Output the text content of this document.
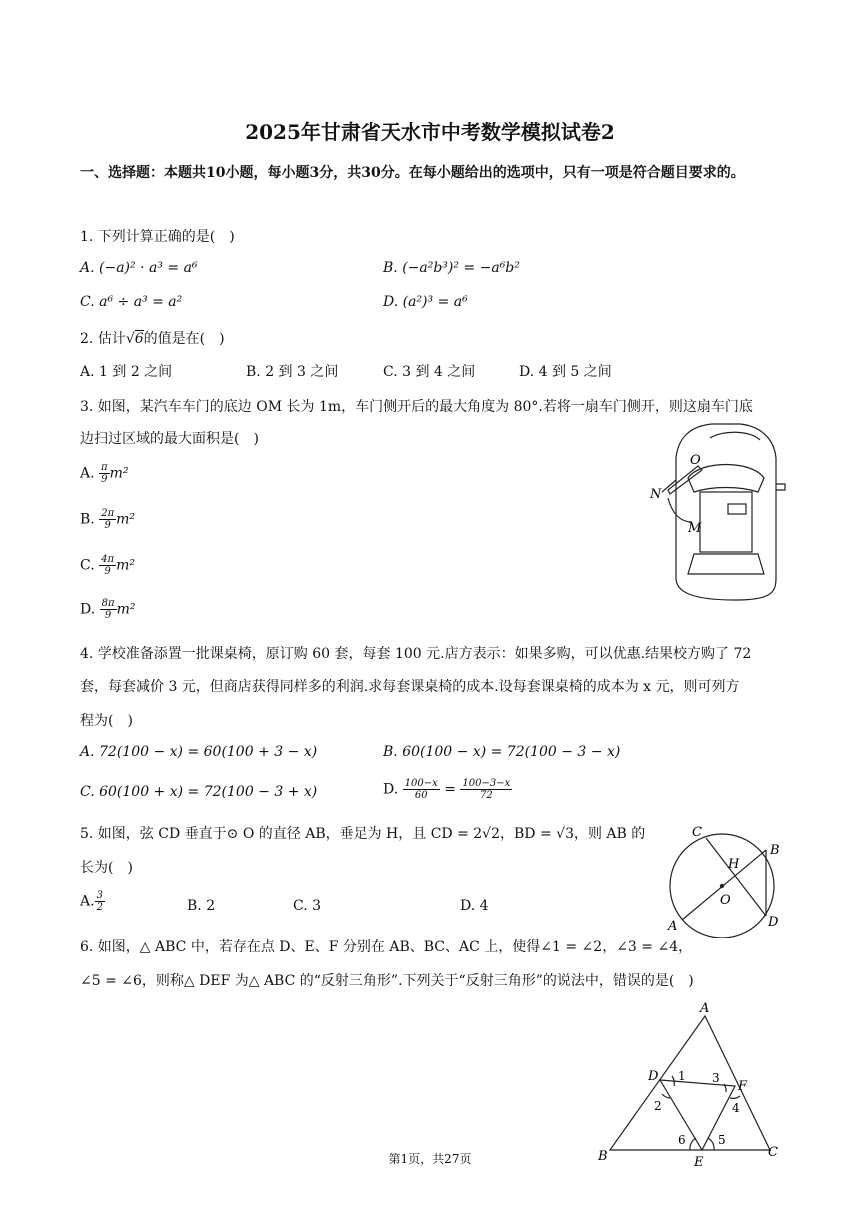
2025年甘肃省天水市中考数学模拟试卷2
一、选择题：本题共10小题，每小题3分，共30分。在每小题给出的选项中，只有一项是符合题目要求的。
1. 下列计算正确的是(　)
A. (−a)² · a³ = a⁶	B. (−a²b³)² = −a⁶b²
C. a⁶ ÷ a³ = a²	D. (a²)³ = a⁶
2. 估计√6的值是在(　)
A. 1 到 2 之间	B. 2 到 3 之间	C. 3 到 4 之间	D. 4 到 5 之间
3. 如图，某汽车车门的底边 OM 长为 1m，车门侧开后的最大角度为 80°.若将一扇车门侧开，则这扇车门底
边扫过区域的最大面积是(　)
A. $\frac{\pi}{9} m^2$
B. $\frac{2\pi}{9} m^2$
C. $\frac{4\pi}{9} m^2$
D. $\frac{8\pi}{9} m^2$
O
N
M
4. 学校准备添置一批课桌椅，原订购 60 套，每套 100 元.店方表示：如果多购，可以优惠.结果校方购了 72
套，每套减价 3 元，但商店获得同样多的利润.求每套课桌椅的成本.设每套课桌椅的成本为 x 元，则可列方
程为(　)
A. 72(100 − x) = 60(100 + 3 − x)	B. 60(100 − x) = 72(100 − 3 − x)
C. 60(100 + x) = 72(100 − 3 + x)	D. $\frac{100-x}{60} = \frac{100-3-x}{72}$
5. 如图，弦 CD 垂直于⊙ O 的直径 AB，垂足为 H，且 CD = 2√2，BD = √3，则 AB 的
长为(　)
A. $\frac{3}{2}$	B. 2	C. 3	D. 4
C
H
B
O
A	D
6. 如图，△ ABC 中，若存在点 D、E、F 分别在 AB、BC、AC 上，使得∠1 = ∠2，∠3 = ∠4，
∠5 = ∠6，则称△ DEF 为△ ABC 的“反射三角形”.下列关于“反射三角形”的说法中，错误的是(　)
A
B	C
D
E
F
1
2
3
4
5
6
第1页，共27页
